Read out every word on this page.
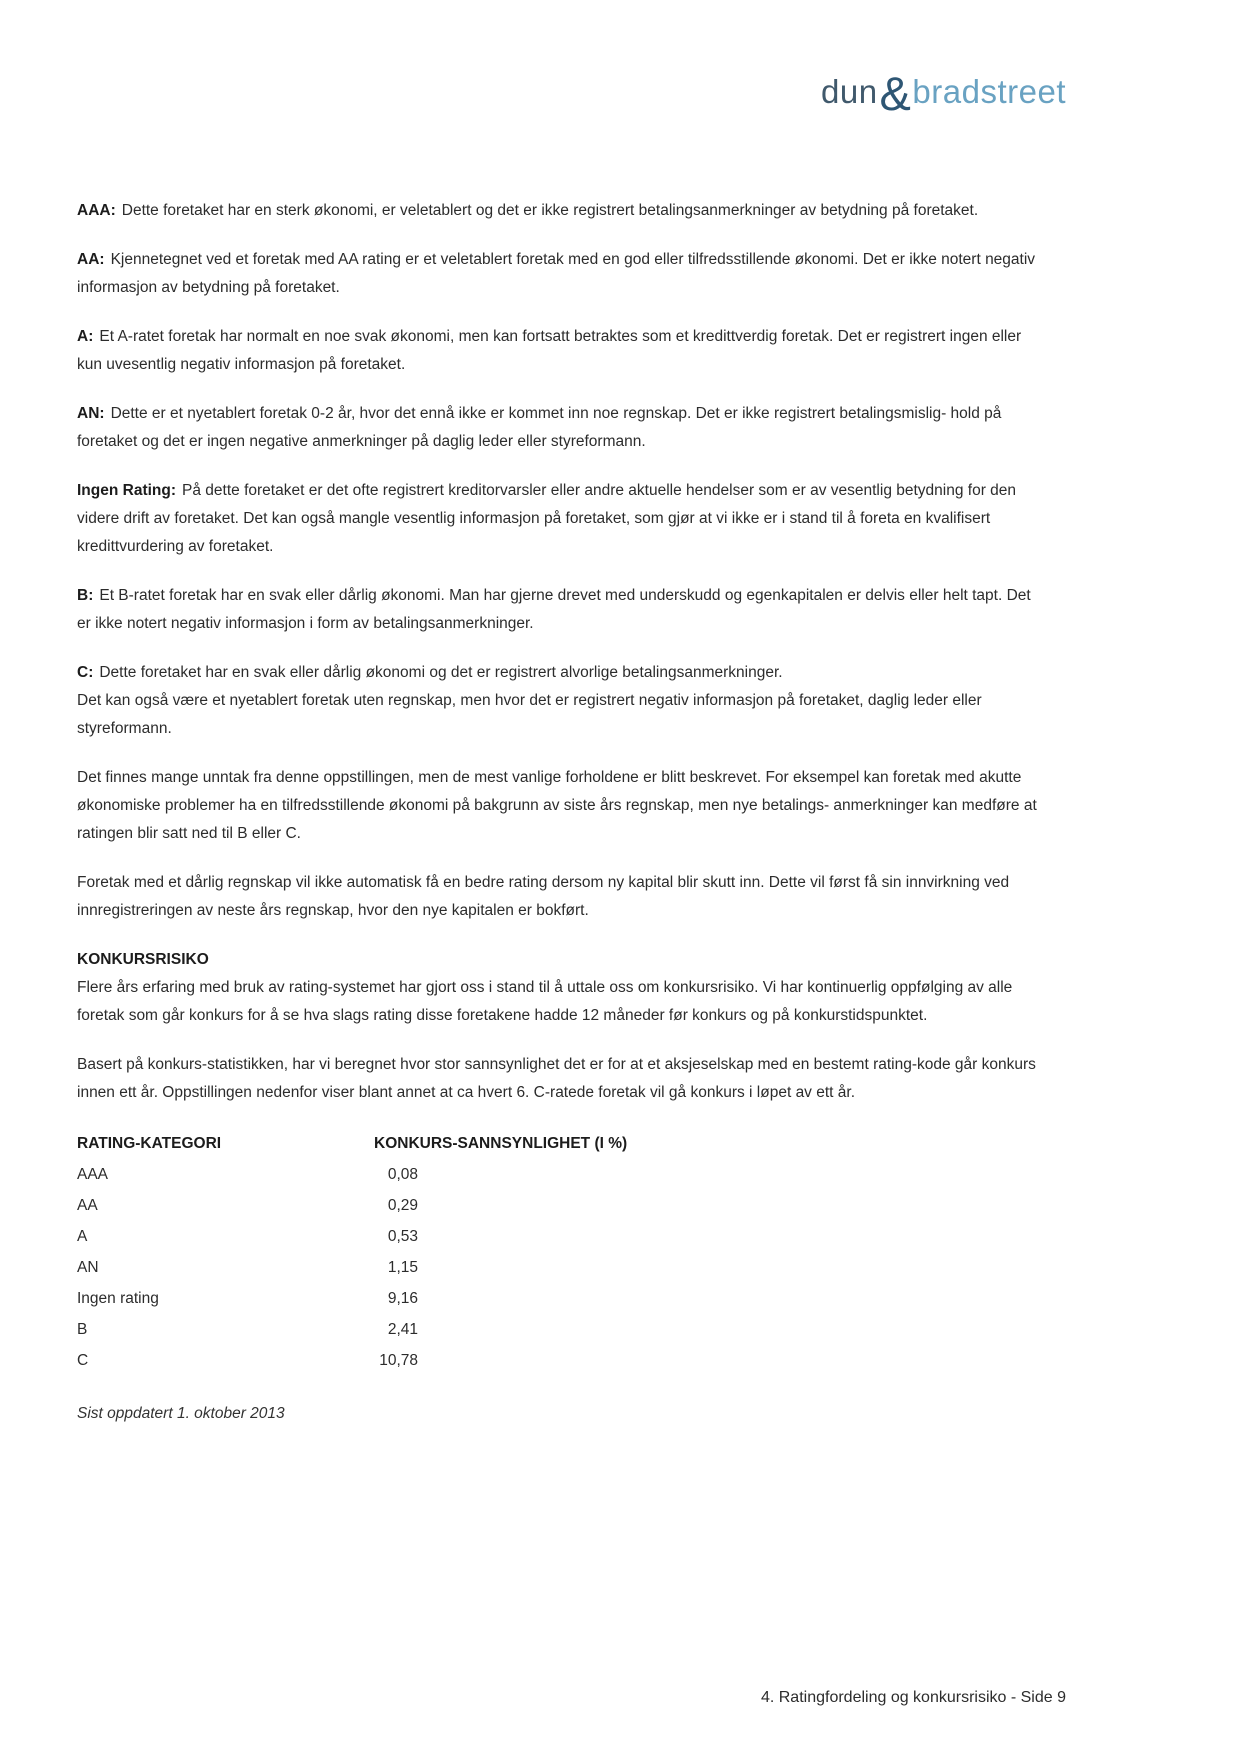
dun & bradstreet

AAA: Dette foretaket har en sterk økonomi, er veletablert og det er ikke registrert betalingsanmerkninger av betydning på foretaket.

AA: Kjennetegnet ved et foretak med AA rating er et veletablert foretak med en god eller tilfredsstillende økonomi. Det er ikke notert negativ informasjon av betydning på foretaket.

A: Et A-ratet foretak har normalt en noe svak økonomi, men kan fortsatt betraktes som et kredittverdig foretak. Det er registrert ingen eller kun uvesentlig negativ informasjon på foretaket.

AN: Dette er et nyetablert foretak 0-2 år, hvor det ennå ikke er kommet inn noe regnskap. Det er ikke registrert betalingsmislig- hold på foretaket og det er ingen negative anmerkninger på daglig leder eller styreformann.

Ingen Rating: På dette foretaket er det ofte registrert kreditorvarsler eller andre aktuelle hendelser som er av vesentlig betydning for den videre drift av foretaket. Det kan også mangle vesentlig informasjon på foretaket, som gjør at vi ikke er i stand til å foreta en kvalifisert kredittvurdering av foretaket.

B: Et B-ratet foretak har en svak eller dårlig økonomi. Man har gjerne drevet med underskudd og egenkapitalen er delvis eller helt tapt. Det er ikke notert negativ informasjon i form av betalingsanmerkninger.

C: Dette foretaket har en svak eller dårlig økonomi og det er registrert alvorlige betalingsanmerkninger.
Det kan også være et nyetablert foretak uten regnskap, men hvor det er registrert negativ informasjon på foretaket, daglig leder eller styreformann.

Det finnes mange unntak fra denne oppstillingen, men de mest vanlige forholdene er blitt beskrevet. For eksempel kan foretak med akutte økonomiske problemer ha en tilfredsstillende økonomi på bakgrunn av siste års regnskap, men nye betalings- anmerkninger kan medføre at ratingen blir satt ned til B eller C.

Foretak med et dårlig regnskap vil ikke automatisk få en bedre rating dersom ny kapital blir skutt inn. Dette vil først få sin innvirkning ved innregistreringen av neste års regnskap, hvor den nye kapitalen er bokført.

KONKURSRISIKO
Flere års erfaring med bruk av rating-systemet har gjort oss i stand til å uttale oss om konkursrisiko. Vi har kontinuerlig oppfølging av alle foretak som går konkurs for å se hva slags rating disse foretakene hadde 12 måneder før konkurs og på konkurstidspunktet.

Basert på konkurs-statistikken, har vi beregnet hvor stor sannsynlighet det er for at et aksjeselskap med en bestemt rating-kode går konkurs innen ett år. Oppstillingen nedenfor viser blant annet at ca hvert 6. C-ratede foretak vil gå konkurs i løpet av ett år.

RATING-KATEGORI	KONKURS-SANNSYNLIGHET (I %)
AAA	0,08
AA	0,29
A	0,53
AN	1,15
Ingen rating	9,16
B	2,41
C	10,78
Sist oppdatert 1. oktober 2013
4. Ratingfordeling og konkursrisiko - Side 9
